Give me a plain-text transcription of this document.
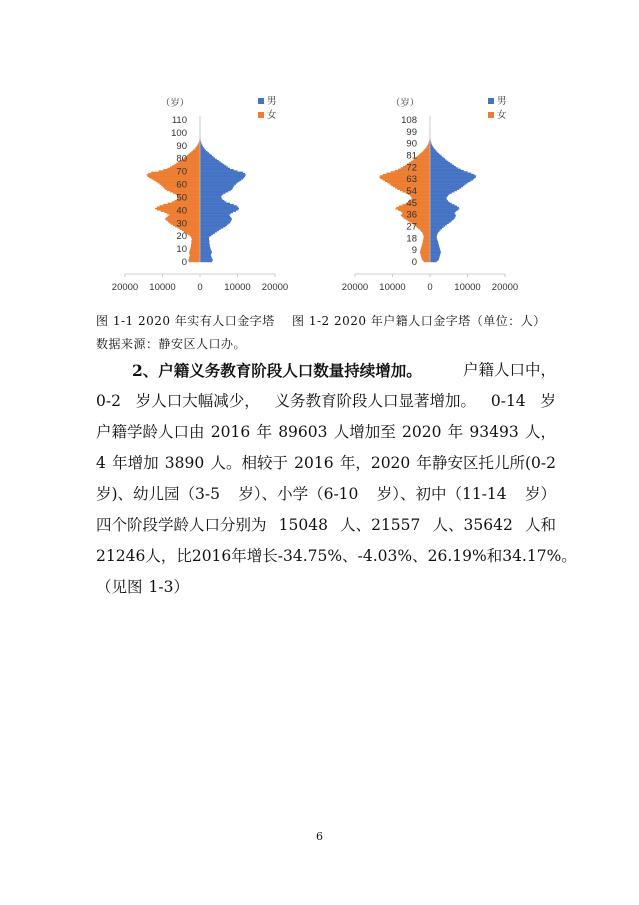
0
10
20
30
40
50
60
70
80
90
100
110
（岁）
20000 10000 0 10000 20000
男
女
0
9
18
27
36
45
54
63
72
81
90
99
108
（岁）
20000 10000 0 10000 20000
男
女
图 1-1 2020 年实有人口金字塔 图 1-2 2020 年户籍人口金字塔（单位：人）
数据来源：静安区人口办。
2、户籍义务教育阶段人口数量持续增加。	户籍人口中，
0-2 岁人口大幅减少， 义务教育阶段人口显著增加。 0-14 岁
户籍学龄人口由 2016 年 89603 人增加至 2020 年 93493 人，
4 年增加 3890 人。相较于 2016 年，2020 年静安区托儿所(0-2
岁)、幼儿园（3-5 岁）、小学（6-10 岁）、初中（11-14 岁）
四个阶段学龄人口分别为 15048 人、21557 人、35642 人和
21246 人，比 2016 年增长-34.75%、-4.03%、26.19%和 34.17%。
（见图 1-3）
6
